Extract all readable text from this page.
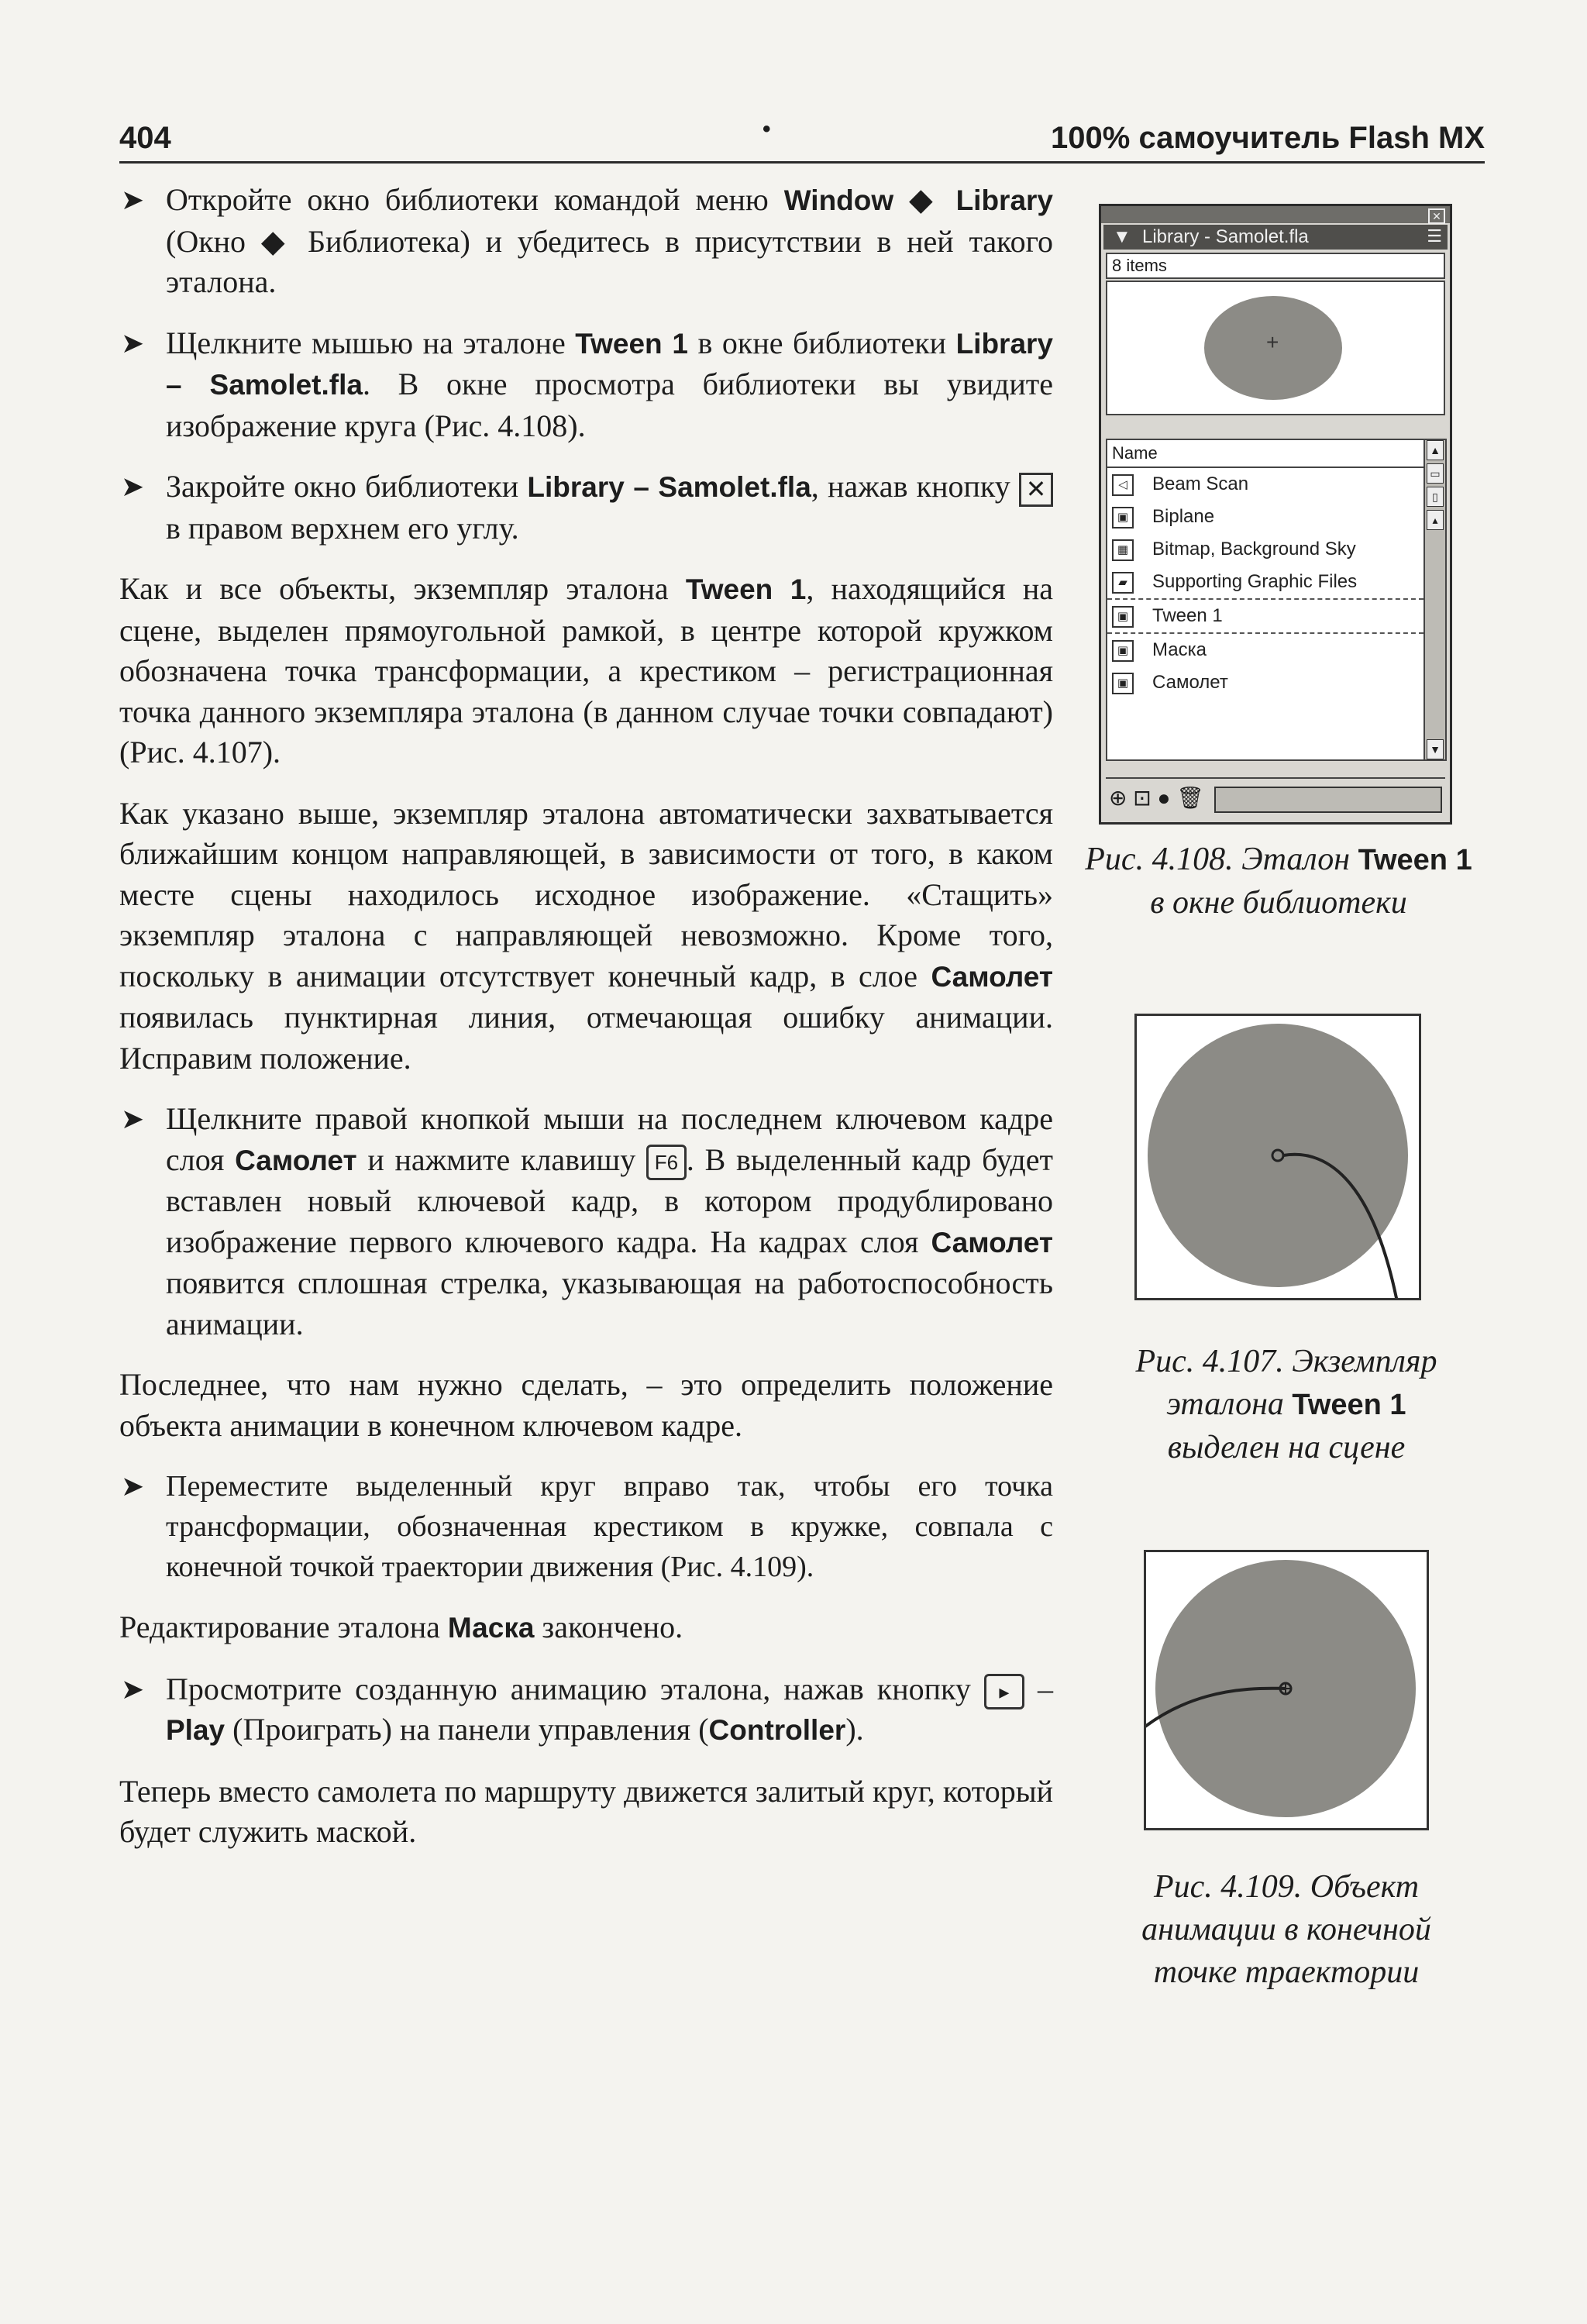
404	•	100% самоучитель Flash MX
➤ Откройте окно библиотеки командой меню Window ◆ Library (Окно ◆ Библиотека) и убедитесь в присутствии в ней такого эталона.
➤ Щелкните мышью на эталоне Tween 1 в окне библиотеки Library – Samolet.fla. В окне просмотра библиотеки вы увидите изображение круга (Рис. 4.108).
➤ Закройте окно библиотеки Library – Samolet.fla, нажав кнопку ✕ в правом верхнем его углу.

Как и все объекты, экземпляр эталона Tween 1, находящийся на сцене, выделен прямоугольной рамкой, в центре которой кружком обозначена точка трансформации, а крестиком – регистрационная точка данного экземпляра эталона (в данном случае точки совпадают) (Рис. 4.107).

Как указано выше, экземпляр эталона автоматически захватывается ближайшим концом направляющей, в зависимости от того, в каком месте сцены находилось исходное изображение. «Стащить» экземпляр эталона с направляющей невозможно. Кроме того, поскольку в анимации отсутствует конечный кадр, в слое Самолет появилась пунктирная линия, отмечающая ошибку анимации. Исправим положение.

➤ Щелкните правой кнопкой мыши на последнем ключевом кадре слоя Самолет и нажмите клавишу F6 . В выделенный кадр будет вставлен новый ключевой кадр, в котором продублировано изображение первого ключевого кадра. На кадрах слоя Самолет появится сплошная стрелка, указывающая на работоспособность анимации.

Последнее, что нам нужно сделать, – это определить положение объекта анимации в конечном ключевом кадре.

➤ Переместите выделенный круг вправо так, чтобы его точка трансформации, обозначенная крестиком в кружке, совпала с конечной точкой траектории движения (Рис. 4.109).

Редактирование эталона Маска закончено.

➤ Просмотрите созданную анимацию эталона, нажав кнопку ▸ – Play (Проиграть) на панели управления (Controller).

Теперь вместо самолета по маршруту движется залитый круг, который будет служить маской.

✕
▼ Library - Samolet.fla	☰
8 items
+
Name
◁	Beam Scan
▣ Biplane
▦ Bitmap, Background Sky
▰	Supporting Graphic Files
▣ Tween 1
▣ Маска
▣ Самолет
▲
▭
▯
▴
▼
⊕ ⊡ ● 🗑
Рис. 4.108. Эталон Tween 1
в окне библиотеки
Рис. 4.107. Экземпляр
эталона Tween 1
выделен на сцене
Рис. 4.109. Объект
анимации в конечной
точке траектории
